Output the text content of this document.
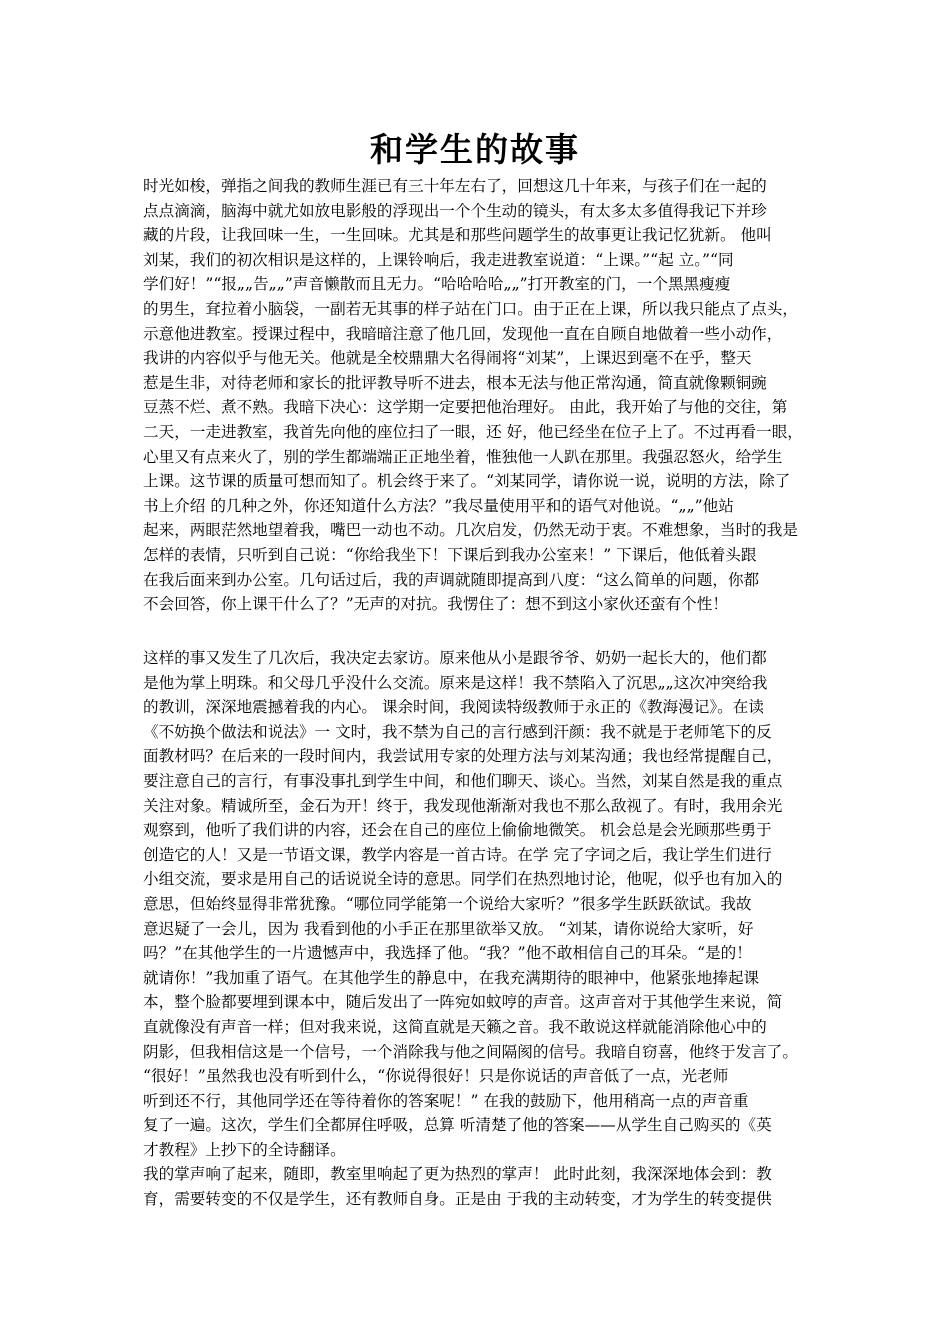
和学生的故事
时光如梭，弹指之间我的教师生涯已有三十年左右了，回想这几十年来，与孩子们在一起的
点点滴滴，脑海中就尤如放电影般的浮现出一个个生动的镜头，有太多太多值得我记下并珍
藏的片段，让我回味一生，一生回味。尤其是和那些问题学生的故事更让我记忆犹新。 他叫
刘某，我们的初次相识是这样的，上课铃响后，我走进教室说道：“上课。”“起 立。”“同
学们好！”“报„„告„„”声音懒散而且无力。“哈哈哈哈„„”打开教室的门，一个黑黑瘦瘦
的男生，耷拉着小脑袋，一副若无其事的样子站在门口。由于正在上课，所以我只能点了点头，
示意他进教室。授课过程中，我暗暗注意了他几回，发现他一直在自顾自地做着一些小动作，
我讲的内容似乎与他无关。他就是全校鼎鼎大名得闹将“刘某”，上课迟到毫不在乎，整天
惹是生非，对待老师和家长的批评教导听不进去，根本无法与他正常沟通，简直就像颗铜豌
豆蒸不烂、煮不熟。我暗下决心：这学期一定要把他治理好。 由此，我开始了与他的交往，第
二天，一走进教室，我首先向他的座位扫了一眼，还 好，他已经坐在位子上了。不过再看一眼，
心里又有点来火了，别的学生都端端正正地坐着，惟独他一人趴在那里。我强忍怒火，给学生
上课。这节课的质量可想而知了。机会终于来了。“刘某同学，请你说一说，说明的方法，除了
书上介绍 的几种之外，你还知道什么方法？”我尽量使用平和的语气对他说。“„„”他站
起来，两眼茫然地望着我，嘴巴一动也不动。几次启发，仍然无动于衷。不难想象，当时的我是
怎样的表情，只听到自己说：“你给我坐下！下课后到我办公室来！” 下课后，他低着头跟
在我后面来到办公室。几句话过后，我的声调就随即提高到八度：“这么简单的问题，你都
不会回答，你上课干什么了？”无声的对抗。我愣住了：想不到这小家伙还蛮有个性！
这样的事又发生了几次后，我决定去家访。原来他从小是跟爷爷、奶奶一起长大的，他们都
是他为掌上明珠。和父母几乎没什么交流。原来是这样！我不禁陷入了沉思„„这次冲突给我
的教训，深深地震撼着我的内心。 课余时间，我阅读特级教师于永正的《教海漫记》。在读
《不妨换个做法和说法》一 文时，我不禁为自己的言行感到汗颜：我不就是于老师笔下的反
面教材吗？在后来的一段时间内，我尝试用专家的处理方法与刘某沟通；我也经常提醒自己，
要注意自己的言行，有事没事扎到学生中间，和他们聊天、谈心。当然，刘某自然是我的重点
关注对象。精诚所至，金石为开！终于，我发现他渐渐对我也不那么敌视了。有时，我用余光
观察到，他听了我们讲的内容，还会在自己的座位上偷偷地微笑。 机会总是会光顾那些勇于
创造它的人！又是一节语文课，教学内容是一首古诗。在学 完了字词之后，我让学生们进行
小组交流，要求是用自己的话说说全诗的意思。同学们在热烈地讨论，他呢，似乎也有加入的
意思，但始终显得非常犹豫。“哪位同学能第一个说给大家听？”很多学生跃跃欲试。我故
意迟疑了一会儿，因为 我看到他的小手正在那里欲举又放。 “刘某，请你说给大家听，好
吗？”在其他学生的一片遗憾声中，我选择了他。“我？”他不敢相信自己的耳朵。“是的！
就请你！”我加重了语气。在其他学生的静息中，在我充满期待的眼神中，他紧张地捧起课
本，整个脸都要埋到课本中，随后发出了一阵宛如蚊哼的声音。这声音对于其他学生来说，简
直就像没有声音一样；但对我来说，这简直就是天籁之音。我不敢说这样就能消除他心中的
阴影，但我相信这是一个信号，一个消除我与他之间隔阂的信号。我暗自窃喜，他终于发言了。
“很好！”虽然我也没有听到什么，“你说得很好！只是你说话的声音低了一点，光老师
听到还不行，其他同学还在等待着你的答案呢！” 在我的鼓励下，他用稍高一点的声音重
复了一遍。这次，学生们全都屏住呼吸，总算 听清楚了他的答案——从学生自己购买的《英
才教程》上抄下的全诗翻译。
我的掌声响了起来，随即，教室里响起了更为热烈的掌声！ 此时此刻，我深深地体会到：教
育，需要转变的不仅是学生，还有教师自身。正是由 于我的主动转变，才为学生的转变提供
